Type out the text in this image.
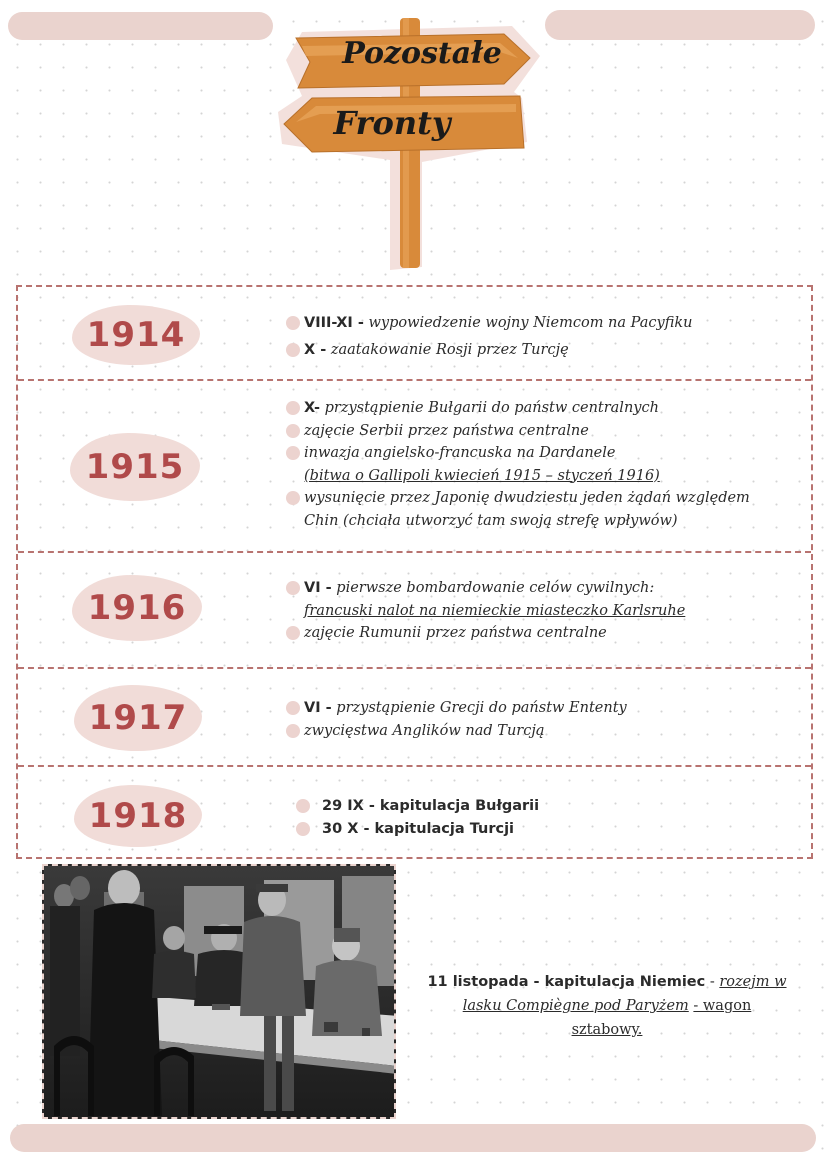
Pozostałe
Fronty
1914	VIII-XI - wypowiedzenie wojny Niemcom na Pacyfiku
X - zaatakowanie Rosji przez Turcję
1915
X- przystąpienie Bułgarii do państw centralnych
zajęcie Serbii przez państwa centralne
inwazja angielsko-francuska na Dardanele
(bitwa o Gallipoli kwiecień 1915 – styczeń 1916)
wysunięcie przez Japonię dwudziestu jeden żądań względem
Chin (chciała utworzyć tam swoją strefę wpływów)
1916	VI - pierwsze bombardowanie celów cywilnych:
francuski nalot na niemieckie miasteczko Karlsruhe
zajęcie Rumunii przez państwa centralne
1917	VI - przystąpienie Grecji do państw Ententy
zwycięstwa Anglików nad Turcją
1918	29 IX - kapitulacja Bułgarii
30 X - kapitulacja Turcji
11 listopada - kapitulacja Niemiec - rozejm w
lasku Compiègne pod Paryżem - wagon
sztabowy.
